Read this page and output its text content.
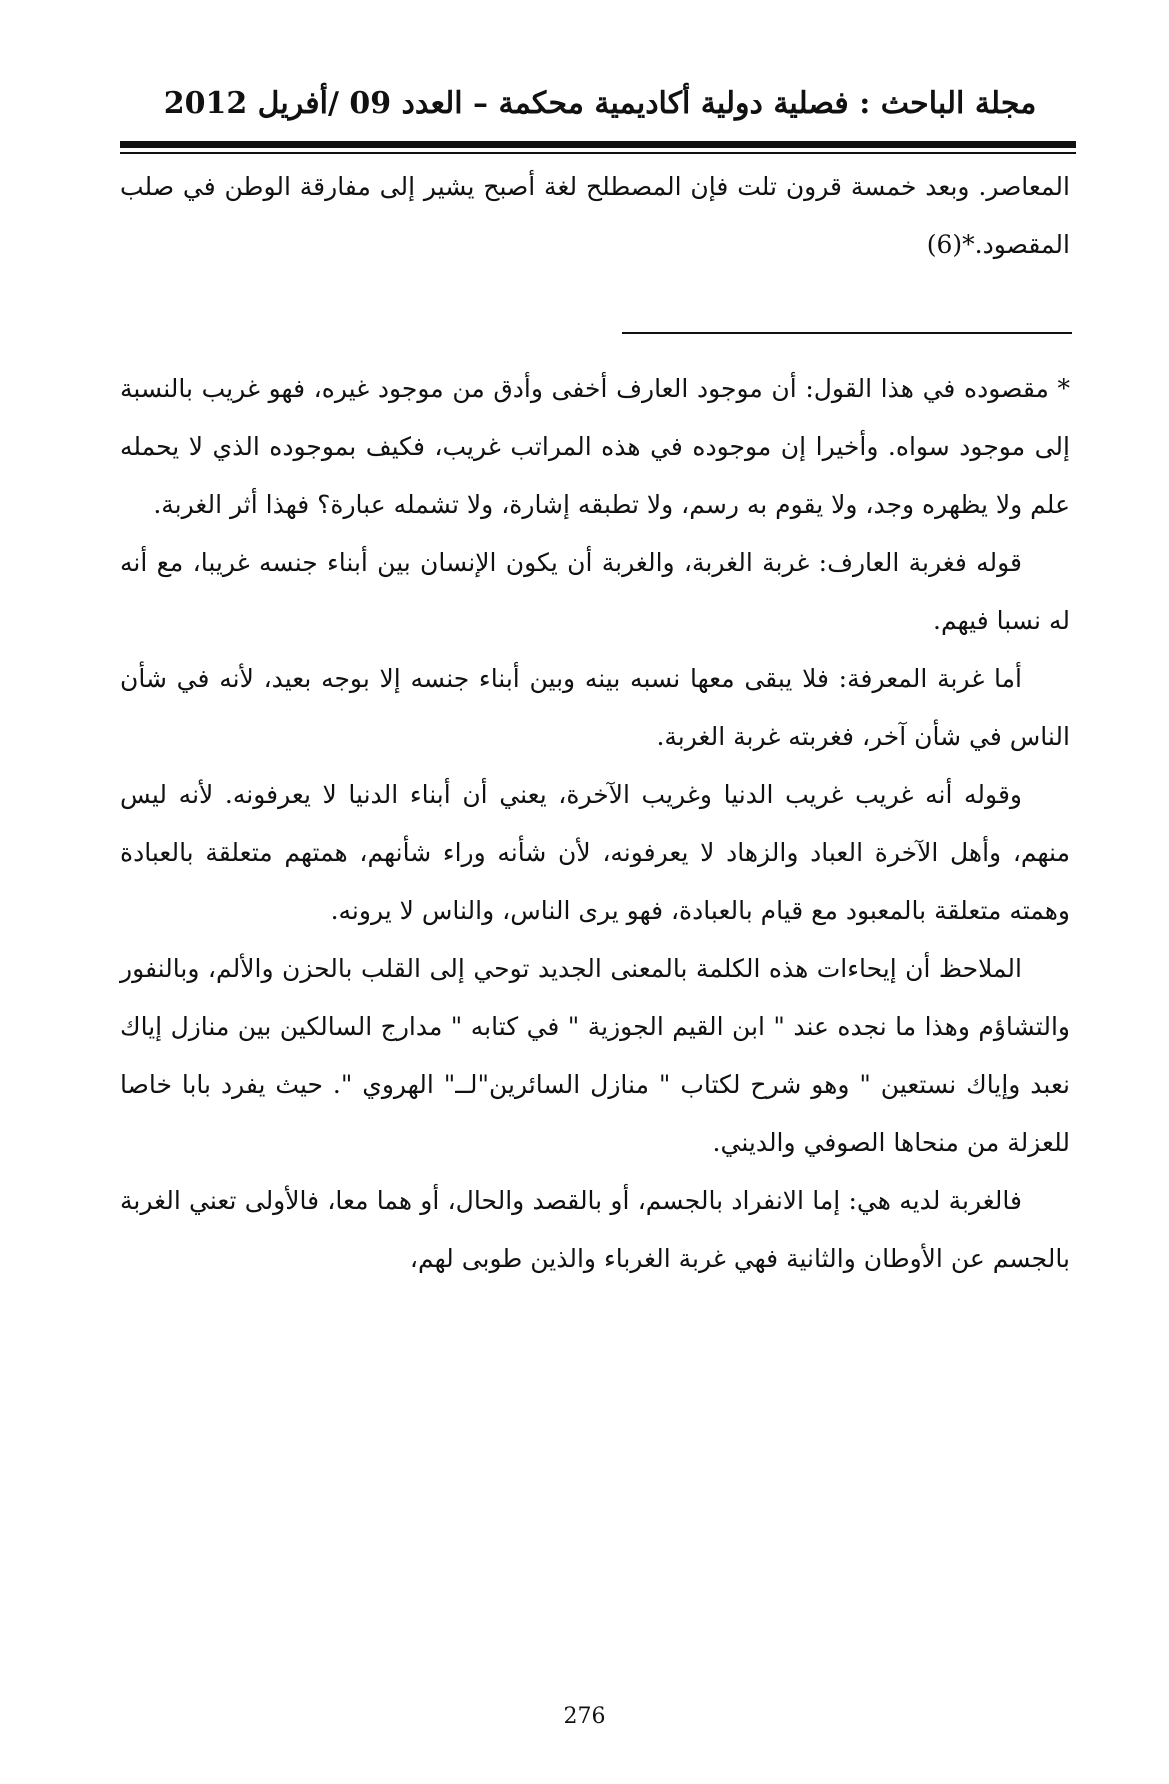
مجلة الباحث : فصلية دولية أكاديمية محكمة – العدد 09 /أفريل 2012

المعاصر. وبعد خمسة قرون تلت فإن المصطلح لغة أصبح يشير إلى مفارقة الوطن في صلب المقصود.*(6)

* مقصوده في هذا القول: أن موجود العارف أخفى وأدق من موجود غيره، فهو غريب بالنسبة إلى موجود سواه. وأخيرا إن موجوده في هذه المراتب غريب، فكيف بموجوده الذي لا يحمله علم ولا يظهره وجد، ولا يقوم به رسم، ولا تطبقه إشارة، ولا تشمله عبارة؟ فهذا أثر الغربة.

قوله فغربة العارف: غربة الغربة، والغربة أن يكون الإنسان بين أبناء جنسه غريبا، مع أنه له نسبا فيهم.

أما غربة المعرفة: فلا يبقى معها نسبه بينه وبين أبناء جنسه إلا بوجه بعيد، لأنه في شأن الناس في شأن آخر، فغربته غربة الغربة.

وقوله أنه غريب غريب الدنيا وغريب الآخرة، يعني أن أبناء الدنيا لا يعرفونه. لأنه ليس منهم، وأهل الآخرة العباد والزهاد لا يعرفونه، لأن شأنه وراء شأنهم، همتهم متعلقة بالعبادة وهمته متعلقة بالمعبود مع قيام بالعبادة، فهو يرى الناس، والناس لا يرونه.

الملاحظ أن إيحاءات هذه الكلمة بالمعنى الجديد توحي إلى القلب بالحزن والألم، وبالنفور والتشاؤم وهذا ما نجده عند " ابن القيم الجوزية " في كتابه " مدارج السالكين بين منازل إياك نعبد وإياك نستعين " وهو شرح لكتاب " منازل السائرين"لــ" الهروي ". حيث يفرد بابا خاصا للعزلة من منحاها الصوفي والديني.

فالغربة لديه هي: إما الانفراد بالجسم، أو بالقصد والحال، أو هما معا، فالأولى تعني الغربة بالجسم عن الأوطان والثانية فهي غربة الغرباء والذين طوبى لهم،

276
